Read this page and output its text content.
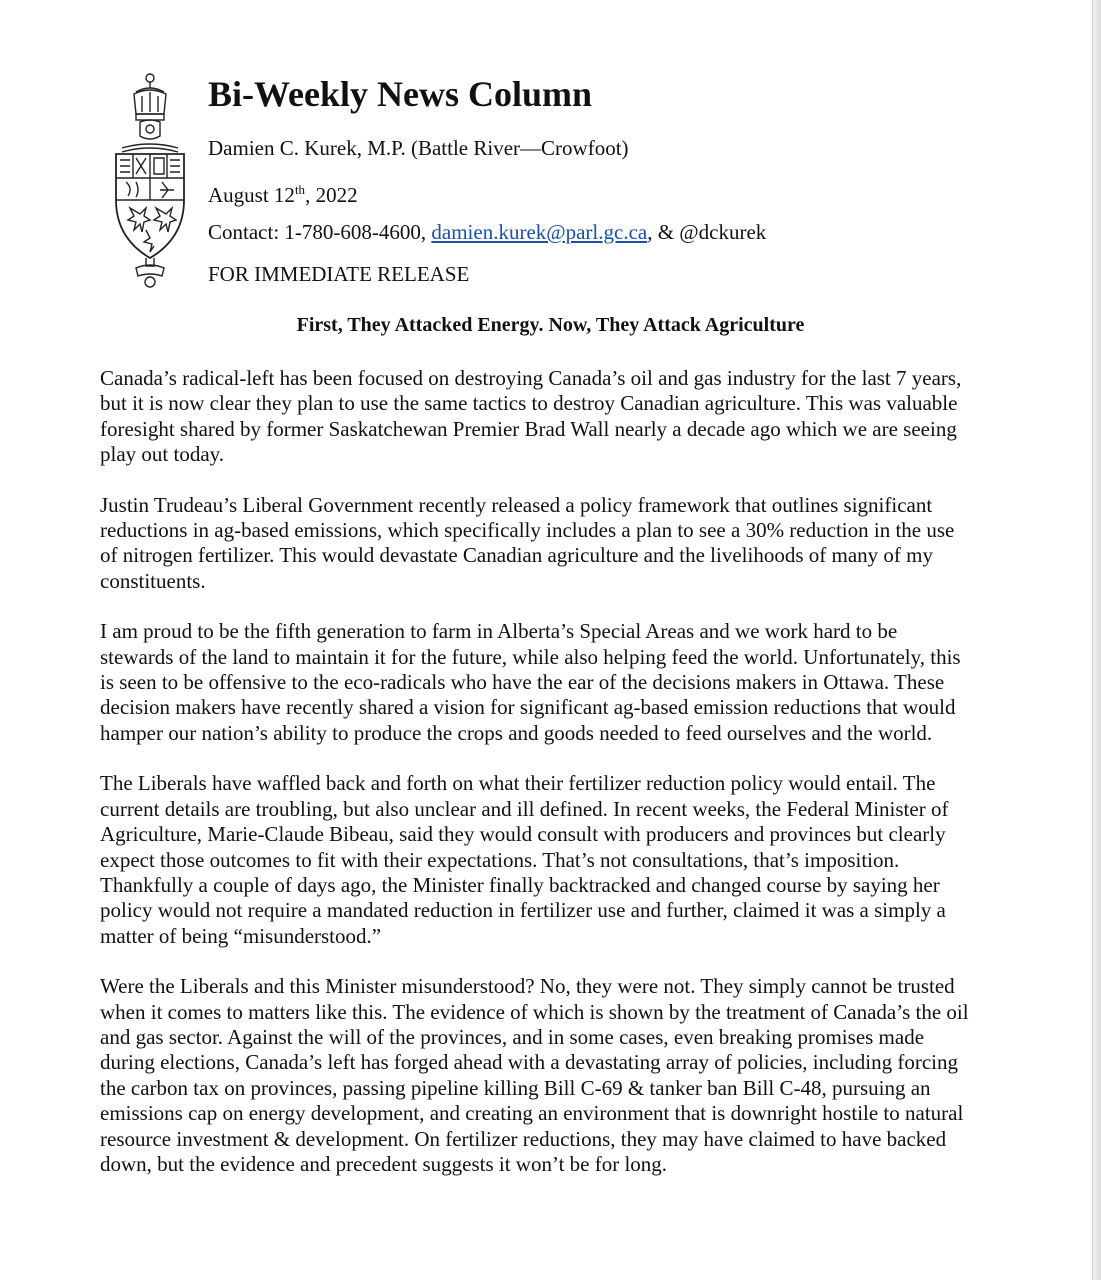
Bi-Weekly News Column
Damien C. Kurek, M.P. (Battle River—Crowfoot)
August 12th, 2022
Contact: 1-780-608-4600, damien.kurek@parl.gc.ca, & @dckurek
FOR IMMEDIATE RELEASE
First, They Attacked Energy. Now, They Attack Agriculture

Canada’s radical-left has been focused on destroying Canada’s oil and gas industry for the last 7 years, but it is now clear they plan to use the same tactics to destroy Canadian agriculture. This was valuable foresight shared by former Saskatchewan Premier Brad Wall nearly a decade ago which we are seeing play out today.

Justin Trudeau’s Liberal Government recently released a policy framework that outlines significant reductions in ag-based emissions, which specifically includes a plan to see a 30% reduction in the use of nitrogen fertilizer. This would devastate Canadian agriculture and the livelihoods of many of my constituents.

I am proud to be the fifth generation to farm in Alberta’s Special Areas and we work hard to be stewards of the land to maintain it for the future, while also helping feed the world. Unfortunately, this is seen to be offensive to the eco-radicals who have the ear of the decisions makers in Ottawa. These decision makers have recently shared a vision for significant ag-based emission reductions that would hamper our nation’s ability to produce the crops and goods needed to feed ourselves and the world.

The Liberals have waffled back and forth on what their fertilizer reduction policy would entail. The current details are troubling, but also unclear and ill defined. In recent weeks, the Federal Minister of Agriculture, Marie-Claude Bibeau, said they would consult with producers and provinces but clearly expect those outcomes to fit with their expectations. That’s not consultations, that’s imposition. Thankfully a couple of days ago, the Minister finally backtracked and changed course by saying her policy would not require a mandated reduction in fertilizer use and further, claimed it was a simply a matter of being “misunderstood.”

Were the Liberals and this Minister misunderstood? No, they were not. They simply cannot be trusted when it comes to matters like this. The evidence of which is shown by the treatment of Canada’s the oil and gas sector. Against the will of the provinces, and in some cases, even breaking promises made during elections, Canada’s left has forged ahead with a devastating array of policies, including forcing the carbon tax on provinces, passing pipeline killing Bill C-69 & tanker ban Bill C-48, pursuing an emissions cap on energy development, and creating an environment that is downright hostile to natural resource investment & development. On fertilizer reductions, they may have claimed to have backed down, but the evidence and precedent suggests it won’t be for long.
